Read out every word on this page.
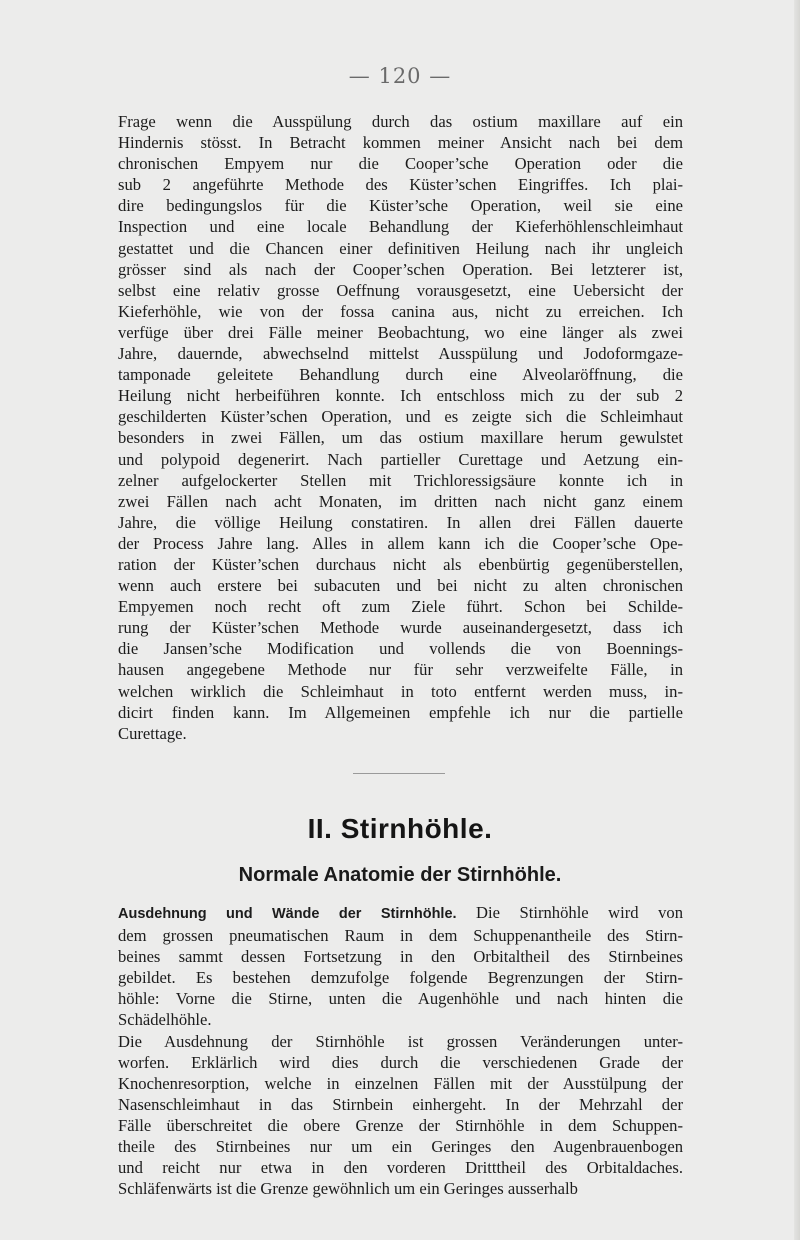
— 120 —

Frage wenn die Ausspülung durch das ostium maxillare auf ein
Hindernis stösst. In Betracht kommen meiner Ansicht nach bei dem
chronischen Empyem nur die Cooper’sche Operation oder die
sub 2 angeführte Methode des Küster’schen Eingriffes. Ich plai-
dire bedingungslos für die Küster’sche Operation, weil sie eine
Inspection und eine locale Behandlung der Kieferhöhlenschleimhaut
gestattet und die Chancen einer definitiven Heilung nach ihr ungleich
grösser sind als nach der Cooper’schen Operation. Bei letzterer ist,
selbst eine relativ grosse Oeffnung vorausgesetzt, eine Uebersicht der
Kieferhöhle, wie von der fossa canina aus, nicht zu erreichen. Ich
verfüge über drei Fälle meiner Beobachtung, wo eine länger als zwei
Jahre, dauernde, abwechselnd mittelst Ausspülung und Jodoformgaze-
tamponade geleitete Behandlung durch eine Alveolaröffnung, die
Heilung nicht herbeiführen konnte. Ich entschloss mich zu der sub 2
geschilderten Küster’schen Operation, und es zeigte sich die Schleimhaut
besonders in zwei Fällen, um das ostium maxillare herum gewulstet
und polypoid degenerirt. Nach partieller Curettage und Aetzung ein-
zelner aufgelockerter Stellen mit Trichloressigsäure konnte ich in
zwei Fällen nach acht Monaten, im dritten nach nicht ganz einem
Jahre, die völlige Heilung constatiren. In allen drei Fällen dauerte
der Process Jahre lang. Alles in allem kann ich die Cooper’sche Ope-
ration der Küster’schen durchaus nicht als ebenbürtig gegenüberstellen,
wenn auch erstere bei subacuten und bei nicht zu alten chronischen
Empyemen noch recht oft zum Ziele führt. Schon bei Schilde-
rung der Küster’schen Methode wurde auseinandergesetzt, dass ich
die Jansen’sche Modification und vollends die von Boennings-
hausen angegebene Methode nur für sehr verzweifelte Fälle, in
welchen wirklich die Schleimhaut in toto entfernt werden muss, in-
dicirt finden kann. Im Allgemeinen empfehle ich nur die partielle
Curettage.

II. Stirnhöhle.
Normale Anatomie der Stirnhöhle.

Ausdehnung und Wände der Stirnhöhle. Die Stirnhöhle wird von
dem grossen pneumatischen Raum in dem Schuppenantheile des Stirn-
beines sammt dessen Fortsetzung in den Orbitaltheil des Stirnbeines
gebildet. Es bestehen demzufolge folgende Begrenzungen der Stirn-
höhle: Vorne die Stirne, unten die Augenhöhle und nach hinten die
Schädelhöhle.

Die Ausdehnung der Stirnhöhle ist grossen Veränderungen unter-
worfen. Erklärlich wird dies durch die verschiedenen Grade der
Knochenresorption, welche in einzelnen Fällen mit der Ausstülpung der
Nasenschleimhaut in das Stirnbein einhergeht. In der Mehrzahl der
Fälle überschreitet die obere Grenze der Stirnhöhle in dem Schuppen-
theile des Stirnbeines nur um ein Geringes den Augenbrauenbogen
und reicht nur etwa in den vorderen Dritttheil des Orbitaldaches.
Schläfenwärts ist die Grenze gewöhnlich um ein Geringes ausserhalb
